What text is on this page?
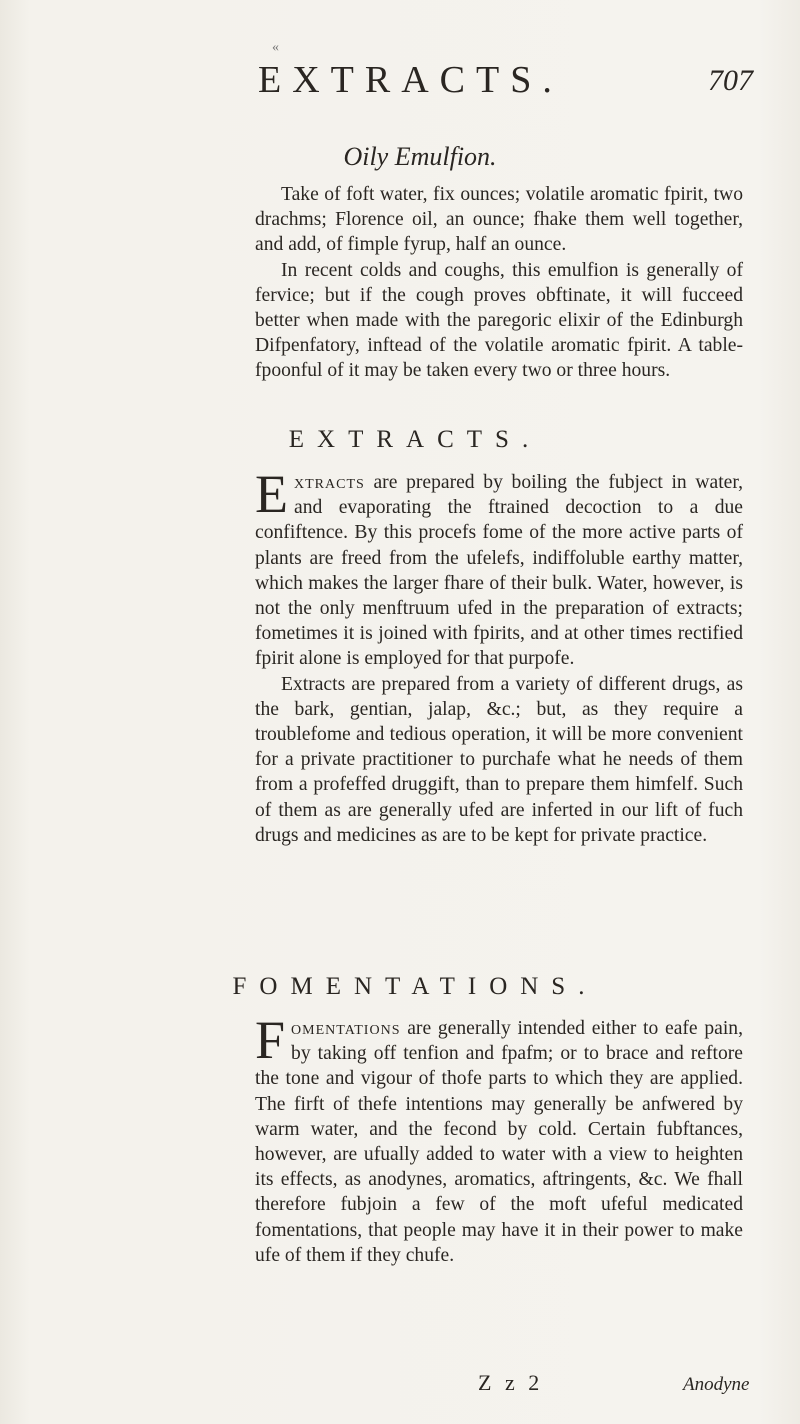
«
EXTRACTS.	707
Oily Emulfion.

Take of foft water, fix ounces; volatile aromatic fpirit, two drachms; Florence oil, an ounce; fhake them well together, and add, of fimple fyrup, half an ounce.

In recent colds and coughs, this emulfion is generally of fervice; but if the cough proves obftinate, it will fucceed better when made with the paregoric elixir of the Edinburgh Difpenfatory, inftead of the volatile aromatic fpirit. A table-fpoonful of it may be taken every two or three hours.

EXTRACTS.

Extracts are prepared by boiling the fubject in water, and evaporating the ftrained decoction to a due confiftence. By this procefs fome of the more active parts of plants are freed from the ufelefs, indiffoluble earthy matter, which makes the larger fhare of their bulk. Water, however, is not the only menftruum ufed in the preparation of extracts; fometimes it is joined with fpirits, and at other times rectified fpirit alone is employed for that purpofe.

Extracts are prepared from a variety of different drugs, as the bark, gentian, jalap, &c.; but, as they require a troublefome and tedious operation, it will be more convenient for a private practitioner to purchafe what he needs of them from a profeffed druggift, than to prepare them himfelf. Such of them as are generally ufed are inferted in our lift of fuch drugs and medicines as are to be kept for private practice.

FOMENTATIONS.

Fomentations are generally intended either to eafe pain, by taking off tenfion and fpafm; or to brace and reftore the tone and vigour of thofe parts to which they are applied. The firft of thefe intentions may generally be anfwered by warm water, and the fecond by cold. Certain fubftances, however, are ufually added to water with a view to heighten its effects, as anodynes, aromatics, aftringents, &c. We fhall therefore fubjoin a few of the moft ufeful medicated fomentations, that people may have it in their power to make ufe of them if they chufe.

Z z 2	Anodyne
